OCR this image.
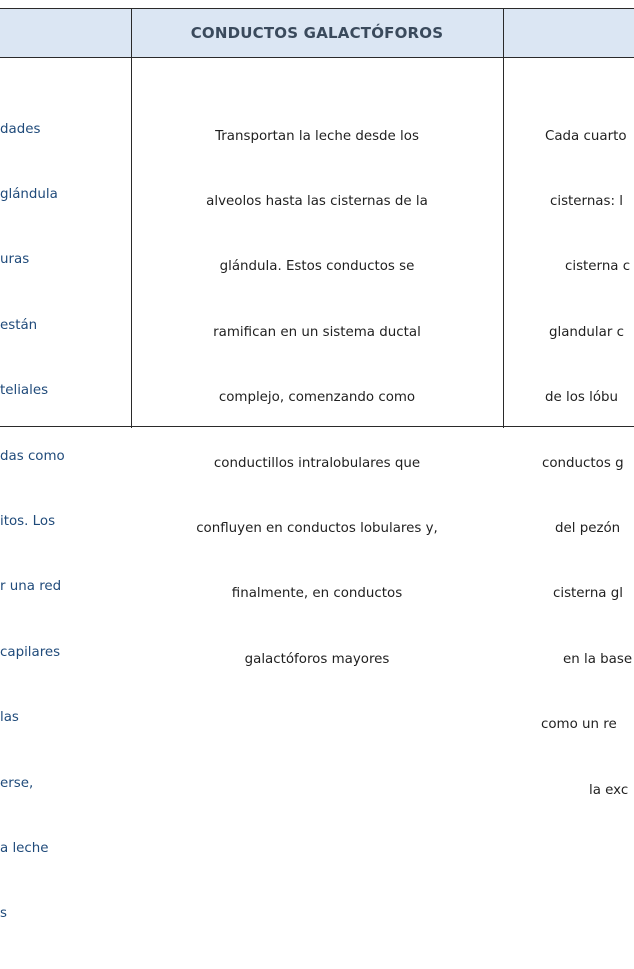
CONDUCTOS GALACTÓFOROS

dades

glándula

uras

están

teliales

das como

itos. Los

r una red

capilares

las

erse,

a leche

s

Transportan la leche desde los

alveolos hasta las cisternas de la

glándula. Estos conductos se

ramifican en un sistema ductal

complejo, comenzando como

conductillos intralobulares que

confluyen en conductos lobulares y,

finalmente, en conductos

galactóforos mayores

Cada cuarto

cisternas: l

cisterna c

glandular c

de los lóbu

conductos g

del pezón

cisterna gl

en la base

como un re

la exc
